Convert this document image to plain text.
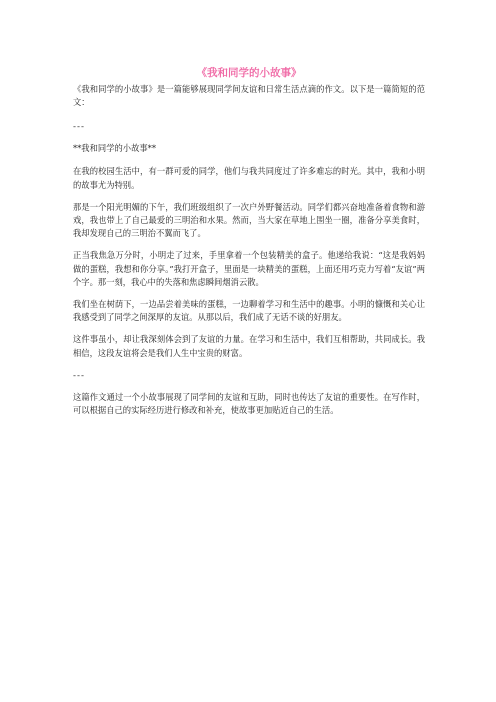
《我和同学的小故事》

《我和同学的小故事》是一篇能够展现同学间友谊和日常生活点滴的作文。以下是一篇简短的范文：

---
**我和同学的小故事**

在我的校园生活中，有一群可爱的同学，他们与我共同度过了许多难忘的时光。其中，我和小明的故事尤为特别。

那是一个阳光明媚的下午，我们班级组织了一次户外野餐活动。同学们都兴奋地准备着食物和游戏，我也带上了自己最爱的三明治和水果。然而，当大家在草地上围坐一圈，准备分享美食时，我却发现自己的三明治不翼而飞了。

正当我焦急万分时，小明走了过来，手里拿着一个包装精美的盒子。他递给我说：“这是我妈妈做的蛋糕，我想和你分享。”我打开盒子，里面是一块精美的蛋糕，上面还用巧克力写着“友谊”两个字。那一刻，我心中的失落和焦虑瞬间烟消云散。

我们坐在树荫下，一边品尝着美味的蛋糕，一边聊着学习和生活中的趣事。小明的慷慨和关心让我感受到了同学之间深厚的友谊。从那以后，我们成了无话不谈的好朋友。

这件事虽小，却让我深刻体会到了友谊的力量。在学习和生活中，我们互相帮助，共同成长。我相信，这段友谊将会是我们人生中宝贵的财富。

---

这篇作文通过一个小故事展现了同学间的友谊和互助，同时也传达了友谊的重要性。在写作时，可以根据自己的实际经历进行修改和补充，使故事更加贴近自己的生活。
